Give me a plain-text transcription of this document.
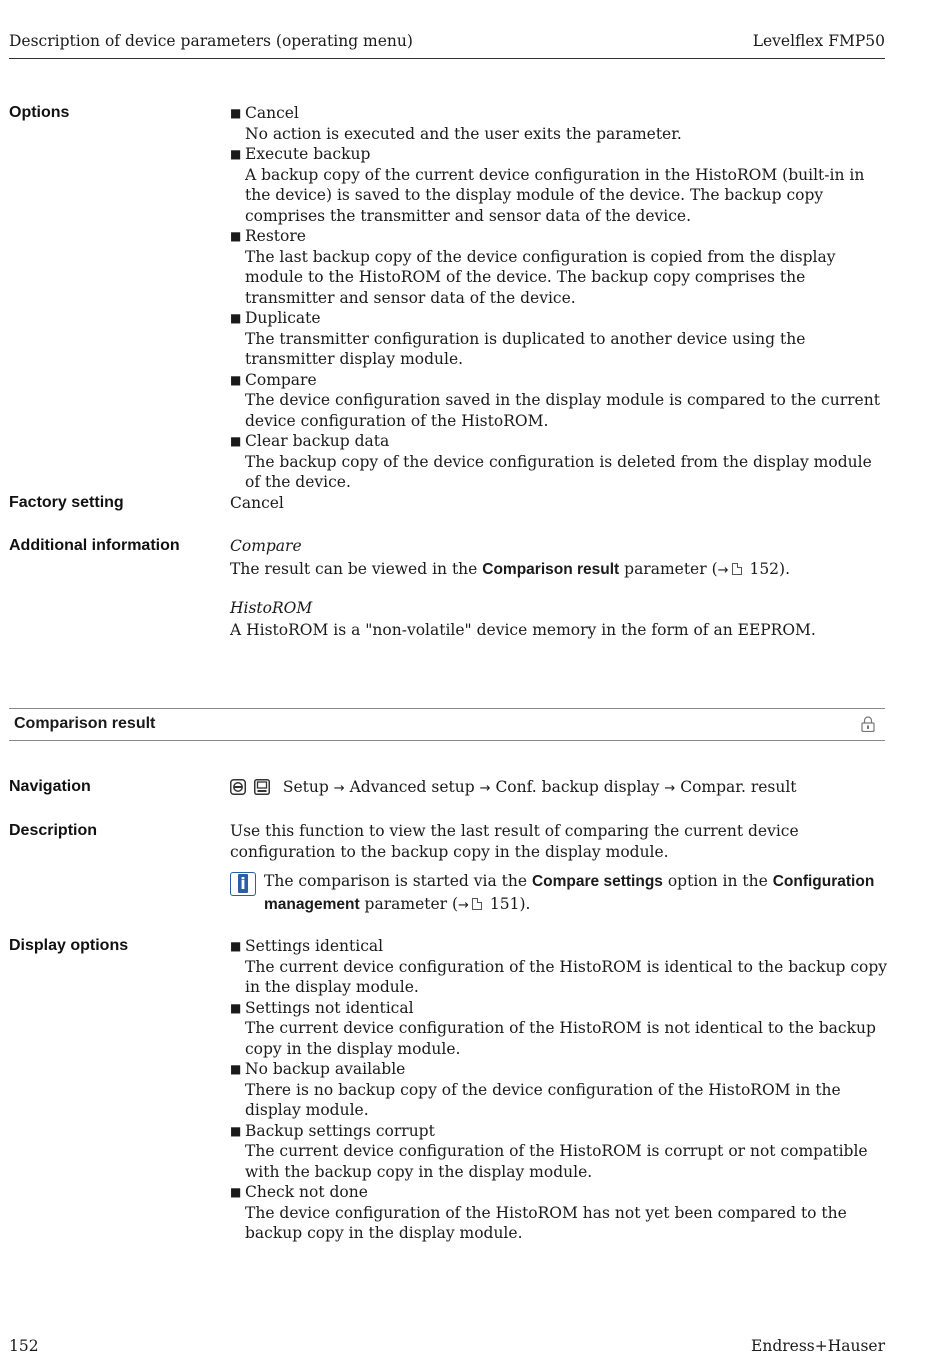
Description of device parameters (operating menu)	Levelflex FMP50
Options	■ Cancel
No action is executed and the user exits the parameter.
■ Execute backup
A backup copy of the current device configuration in the HistoROM (built-in in the device) is saved to the display module of the device. The backup copy comprises the transmitter and sensor data of the device.
■ Restore
The last backup copy of the device configuration is copied from the display module to the HistoROM of the device. The backup copy comprises the transmitter and sensor data of the device.
■ Duplicate
The transmitter configuration is duplicated to another device using the transmitter display module.
■ Compare
The device configuration saved in the display module is compared to the current device configuration of the HistoROM.
■ Clear backup data
The backup copy of the device configuration is deleted from the display module of the device.
Factory setting	Cancel
Additional information	Compare
The result can be viewed in the Comparison result parameter (→ 152).
HistoROM
A HistoROM is a "non-volatile" device memory in the form of an EEPROM.
Comparison result
Navigation	Setup → Advanced setup → Conf. backup display → Compar. result
Description	Use this function to view the last result of comparing the current device configuration to the backup copy in the display module.
i
The comparison is started via the Compare settings option in the Configuration management parameter (→ 151).
Display options	■ Settings identical
The current device configuration of the HistoROM is identical to the backup copy in the display module.
■ Settings not identical
The current device configuration of the HistoROM is not identical to the backup copy in the display module.
■ No backup available
There is no backup copy of the device configuration of the HistoROM in the display module.
■ Backup settings corrupt
The current device configuration of the HistoROM is corrupt or not compatible with the backup copy in the display module.
■ Check not done
The device configuration of the HistoROM has not yet been compared to the backup copy in the display module.
152	Endress+Hauser
